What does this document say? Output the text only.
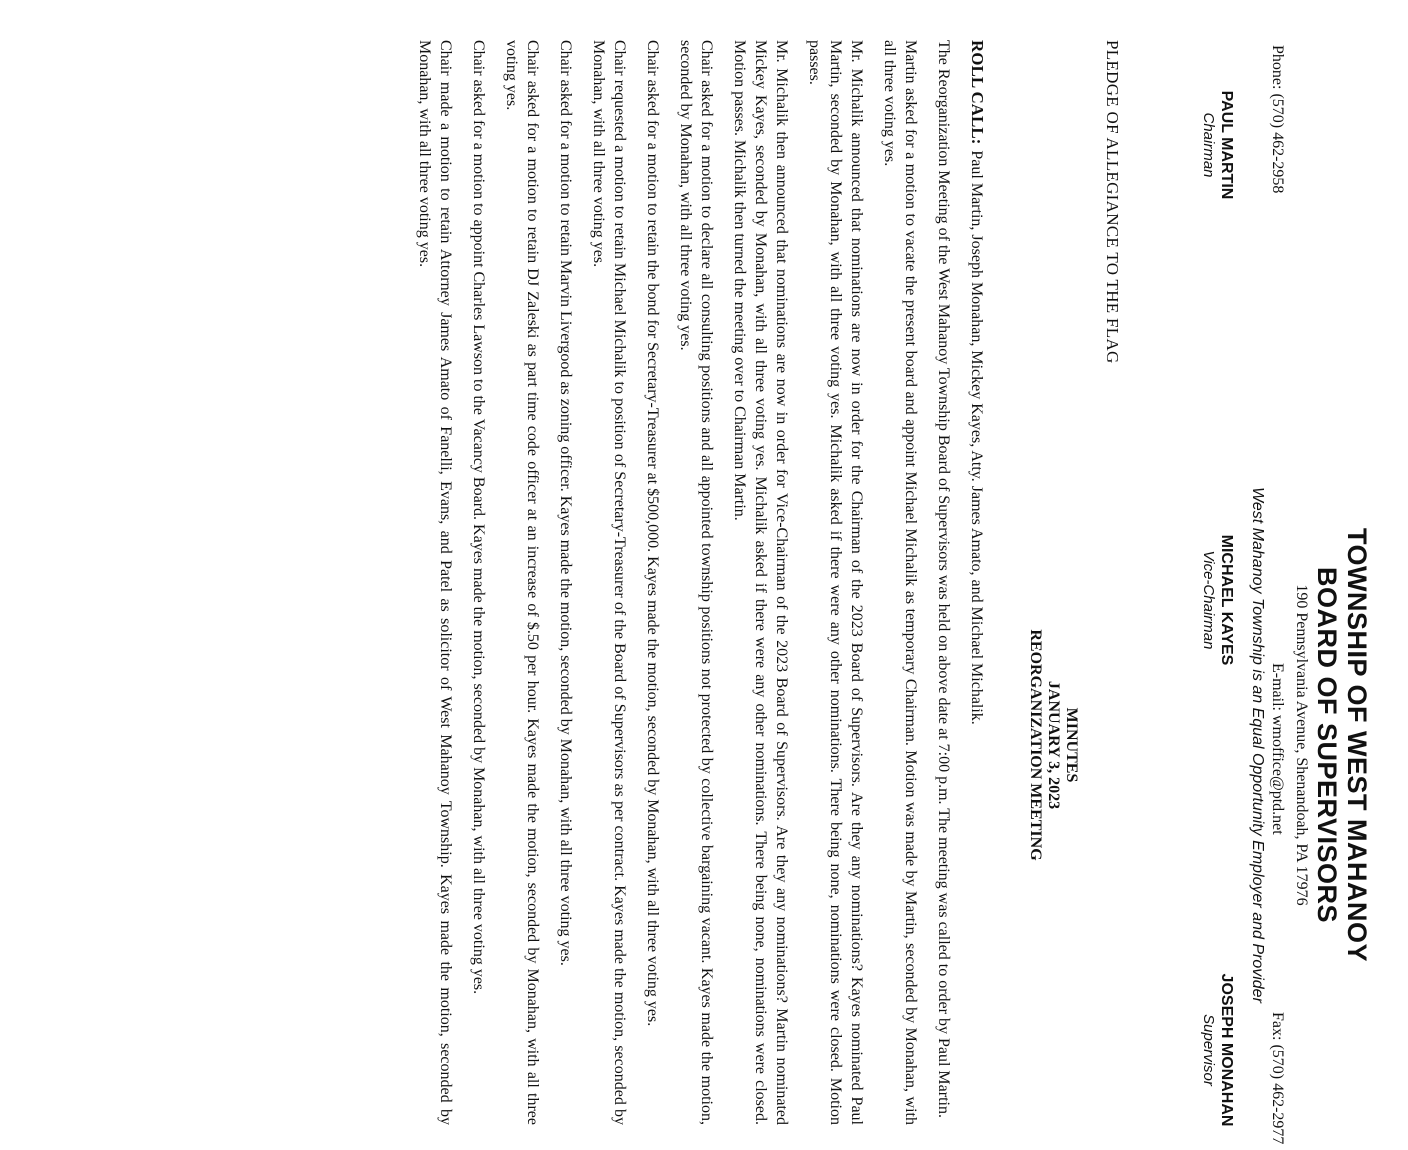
TOWNSHIP OF WEST MAHANOY
BOARD OF SUPERVISORS
190 Pennsylvania Avenue, Shenandoah, PA 17976
Phone: (570) 462-2958
E-mail: wmoffice@ptd.net
Fax: (570) 462-2977
West Mahanoy Township is an Equal Opportunity Employer and Provider
PAUL MARTIN
Chairman
MICHAEL KAYES
Vice-Chairman
JOSEPH MONAHAN
Supervisor
PLEDGE OF ALLEGIANCE TO THE FLAG
MINUTES
JANUARY 3, 2023
REORGANIZATION MEETING

ROLL CALL:Paul Martin, Joseph Monahan, Mickey Kayes, Atty. James Amato, and Michael Michalik.

The Reorganization Meeting of the West Mahanoy Township Board of Supervisors was held on above date at 7:00 p.m. The meeting was called to order by Paul Martin.

Martin asked for a motion to vacate the present board and appoint Michael Michalik as temporary Chairman. Motion was made by Martin, seconded by Monahan, with all three voting yes.

Mr. Michalik announced that nominations are now in order for the Chairman of the 2023 Board of Supervisors. Are they any nominations? Kayes nominated Paul Martin, seconded by Monahan, with all three voting yes. Michalik asked if there were any other nominations. There being none, nominations were closed. Motion passes.

Mr. Michalik then announced that nominations are now in order for Vice-Chairman of the 2023 Board of Supervisors. Are they any nominations? Martin nominated Mickey Kayes, seconded by Monahan, with all three voting yes. Michalik asked if there were any other nominations. There being none, nominations were closed. Motion passes. Michalik then turned the meeting over to Chairman Martin.

Chair asked for a motion to declare all consulting positions and all appointed township positions not protected by collective bargaining vacant. Kayes made the motion, seconded by Monahan, with all three voting yes.

Chair asked for a motion to retain the bond for Secretary-Treasurer at $500,000. Kayes made the motion, seconded by Monahan, with all three voting yes.

Chair requested a motion to retain Michael Michalik to position of Secretary-Treasurer of the Board of Supervisors as per contract. Kayes made the motion, seconded by Monahan, with all three voting yes.

Chair asked for a motion to retain Marvin Livergood as zoning officer. Kayes made the motion, seconded by Monahan, with all three voting yes.

Chair asked for a motion to retain DJ Zaleski as part time code officer at an increase of $.50 per hour. Kayes made the motion, seconded by Monahan, with all three voting yes.

Chair asked for a motion to appoint Charles Lawson to the Vacancy Board. Kayes made the motion, seconded by Monahan, with all three voting yes.

Chair made a motion to retain Attorney James Amato of Fanelli, Evans, and Patel as solicitor of West Mahanoy Township. Kayes made the motion, seconded by Monahan, with all three voting yes.
